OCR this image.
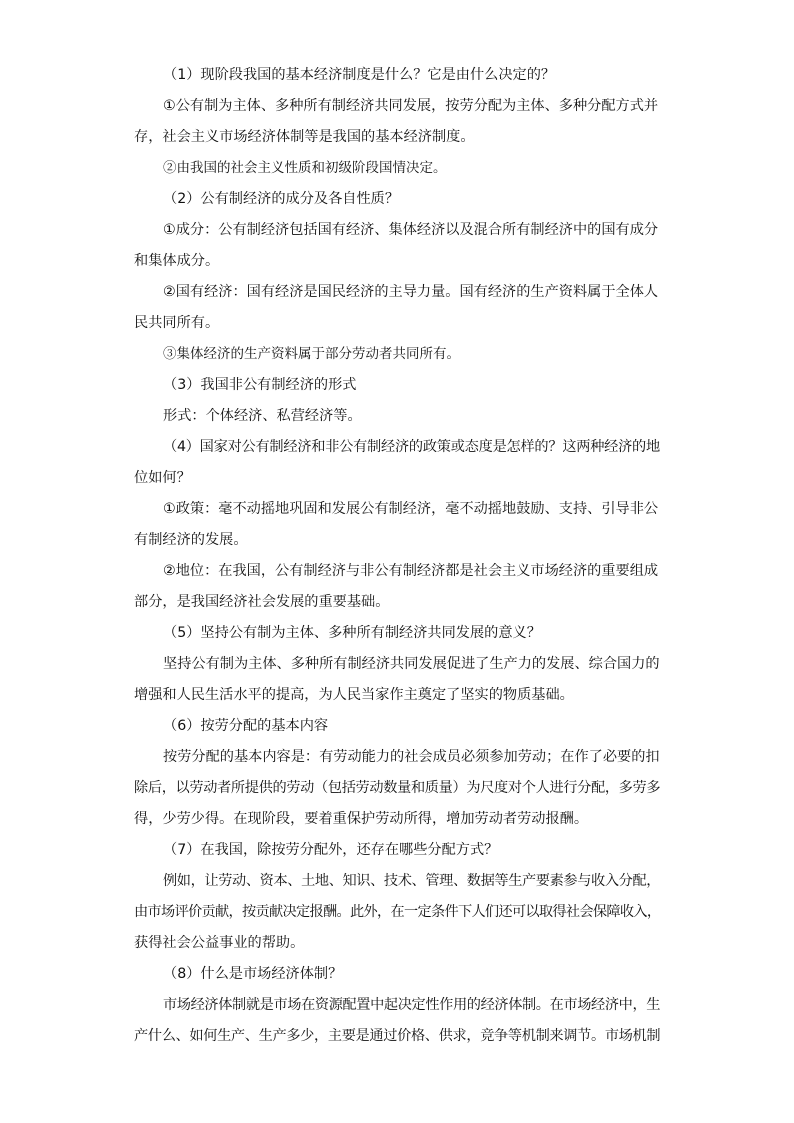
（1）现阶段我国的基本经济制度是什么？它是由什么决定的？
①公有制为主体、多种所有制经济共同发展，按劳分配为主体、多种分配方式并
存，社会主义市场经济体制等是我国的基本经济制度。
②由我国的社会主义性质和初级阶段国情决定。
（2）公有制经济的成分及各自性质？
①成分：公有制经济包括国有经济、集体经济以及混合所有制经济中的国有成分
和集体成分。
②国有经济：国有经济是国民经济的主导力量。国有经济的生产资料属于全体人
民共同所有。
③集体经济的生产资料属于部分劳动者共同所有。
（3）我国非公有制经济的形式
形式：个体经济、私营经济等。
（4）国家对公有制经济和非公有制经济的政策或态度是怎样的？这两种经济的地
位如何？
①政策：毫不动摇地巩固和发展公有制经济，毫不动摇地鼓励、支持、引导非公
有制经济的发展。
②地位：在我国，公有制经济与非公有制经济都是社会主义市场经济的重要组成
部分，是我国经济社会发展的重要基础。
（5）坚持公有制为主体、多种所有制经济共同发展的意义？
坚持公有制为主体、多种所有制经济共同发展促进了生产力的发展、综合国力的
增强和人民生活水平的提高，为人民当家作主奠定了坚实的物质基础。
（6）按劳分配的基本内容
按劳分配的基本内容是：有劳动能力的社会成员必须参加劳动；在作了必要的扣
除后，以劳动者所提供的劳动（包括劳动数量和质量）为尺度对个人进行分配，多劳多
得，少劳少得。在现阶段，要着重保护劳动所得，增加劳动者劳动报酬。
（7）在我国，除按劳分配外，还存在哪些分配方式？
例如，让劳动、资本、土地、知识、技术、管理、数据等生产要素参与收入分配，
由市场评价贡献，按贡献决定报酬。此外，在一定条件下人们还可以取得社会保障收入，
获得社会公益事业的帮助。
（8）什么是市场经济体制？
市场经济体制就是市场在资源配置中起决定性作用的经济体制。在市场经济中，生
产什么、如何生产、生产多少，主要是通过价格、供求，竞争等机制来调节。市场机制
